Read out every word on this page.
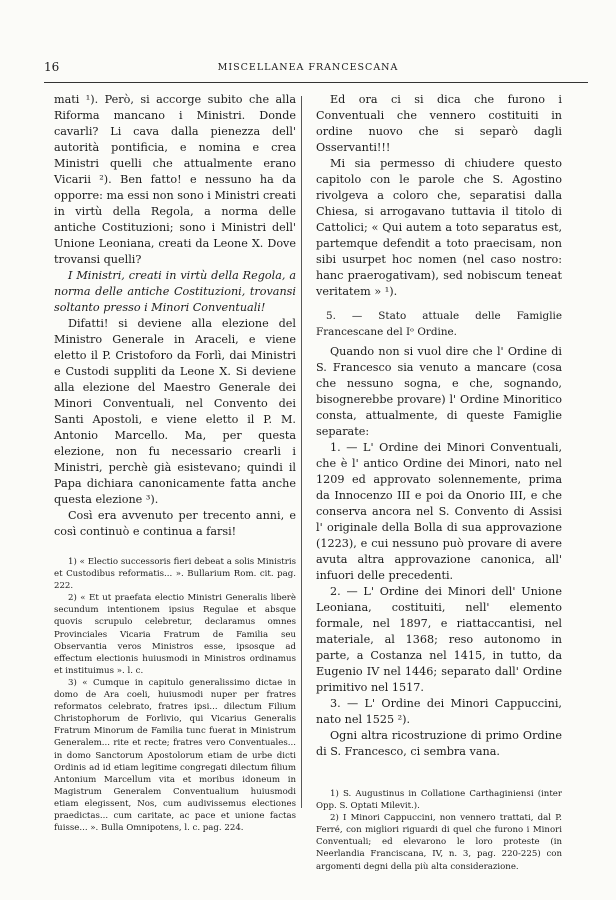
16	MISCELLANEA FRANCESCANA

mati ¹). Però, si accorge subito che alla Riforma mancano i Ministri. Donde cavarli? Li cava dalla pienezza dell' autorità pontificia, e nomina e crea Ministri quelli che attualmente erano Vicarii ²). Ben fatto! e nessuno ha da opporre: ma essi non sono i Ministri creati in virtù della Regola, a norma delle antiche Costituzioni; sono i Ministri dell' Unione Leoniana, creati da Leone X. Dove trovansi quelli?

I Ministri, creati in virtù della Regola, a norma delle antiche Costituzioni, trovansi soltanto presso i Minori Conventuali!

Difatti! si deviene alla elezione del Ministro Generale in Araceli, e viene eletto il P. Cristoforo da Forlì, dai Ministri e Custodi suppliti da Leone X. Si deviene alla elezione del Maestro Generale dei Minori Conventuali, nel Convento dei Santi Apostoli, e viene eletto il P. M. Antonio Marcello. Ma, per questa elezione, non fu necessario crearli i Ministri, perchè già esistevano; quindi il Papa dichiara canonicamente fatta anche questa elezione ³).

Così era avvenuto per trecento anni, e così continuò e continua a farsi!

1) « Electio successoris fieri debeat a solis Ministris et Custodibus reformatis... ». Bullarium Rom. cit. pag. 222.

2) « Et ut praefata electio Ministri Generalis liberè secundum intentionem ipsius Regulae et absque quovis scrupulo celebretur, declaramus omnes Provinciales Vicaria Fratrum de Familia seu Observantia veros Ministros esse, ipsosque ad effectum electionis huiusmodi in Ministros ordinamus et instituimus ». l. c.

3) « Cumque in capitulo generalissimo dictae in domo de Ara coeli, huiusmodi nuper per fratres reformatos celebrato, fratres ipsi... dilectum Filium Christophorum de Forlivio, qui Vicarius Generalis Fratrum Minorum de Familia tunc fuerat in Ministrum Generalem... rite et recte; fratres vero Conventuales... in domo Sanctorum Apostolorum etiam de urbe dicti Ordinis ad id etiam legitime congregati dilectum filium Antonium Marcellum vita et moribus idoneum in Magistrum Generalem Conventualium huiusmodi etiam elegissent, Nos, cum audivissemus electiones praedictas... cum caritate, ac pace et unione factas fuisse... ». Bulla Omnipotens, l. c. pag. 224.

Ed ora ci si dica che furono i Conventuali che vennero costituiti in ordine nuovo che si separò dagli Osservanti!!!

Mi sia permesso di chiudere questo capitolo con le parole che S. Agostino rivolgeva a coloro che, separatisi dalla Chiesa, si arrogavano tuttavia il titolo di Cattolici; « Qui autem a toto separatus est, partemque defendit a toto praecisam, non sibi usurpet hoc nomen (nel caso nostro: hanc praerogativam), sed nobiscum teneat veritatem » ¹).

5. — Stato attuale delle Famiglie Francescane del Iᵒ Ordine.

Quando non si vuol dire che l' Ordine di S. Francesco sia venuto a mancare (cosa che nessuno sogna, e che, sognando, bisognerebbe provare) l' Ordine Minoritico consta, attualmente, di queste Famiglie separate:

1. — L' Ordine dei Minori Conventuali, che è l' antico Ordine dei Minori, nato nel 1209 ed approvato solennemente, prima da Innocenzo III e poi da Onorio III, e che conserva ancora nel S. Convento di Assisi l' originale della Bolla di sua approvazione (1223), e cui nessuno può provare di avere avuta altra approvazione canonica, all' infuori delle precedenti.

2. — L' Ordine dei Minori dell' Unione Leoniana, costituiti, nell' elemento formale, nel 1897, e riattaccantisi, nel materiale, al 1368; reso autonomo in parte, a Costanza nel 1415, in tutto, da Eugenio IV nel 1446; separato dall' Ordine primitivo nel 1517.

3. — L' Ordine dei Minori Cappuccini, nato nel 1525 ²).

Ogni altra ricostruzione di primo Ordine di S. Francesco, ci sembra vana.

1) S. Augustinus in Collatione Carthaginiensi (inter Opp. S. Optati Milevit.).

2) I Minori Cappuccini, non vennero trattati, dal P. Ferré, con migliori riguardi di quel che furono i Minori Conventuali; ed elevarono le loro proteste (in Neerlandia Franciscana, IV, n. 3, pag. 220-225) con argomenti degni della più alta considerazione.
